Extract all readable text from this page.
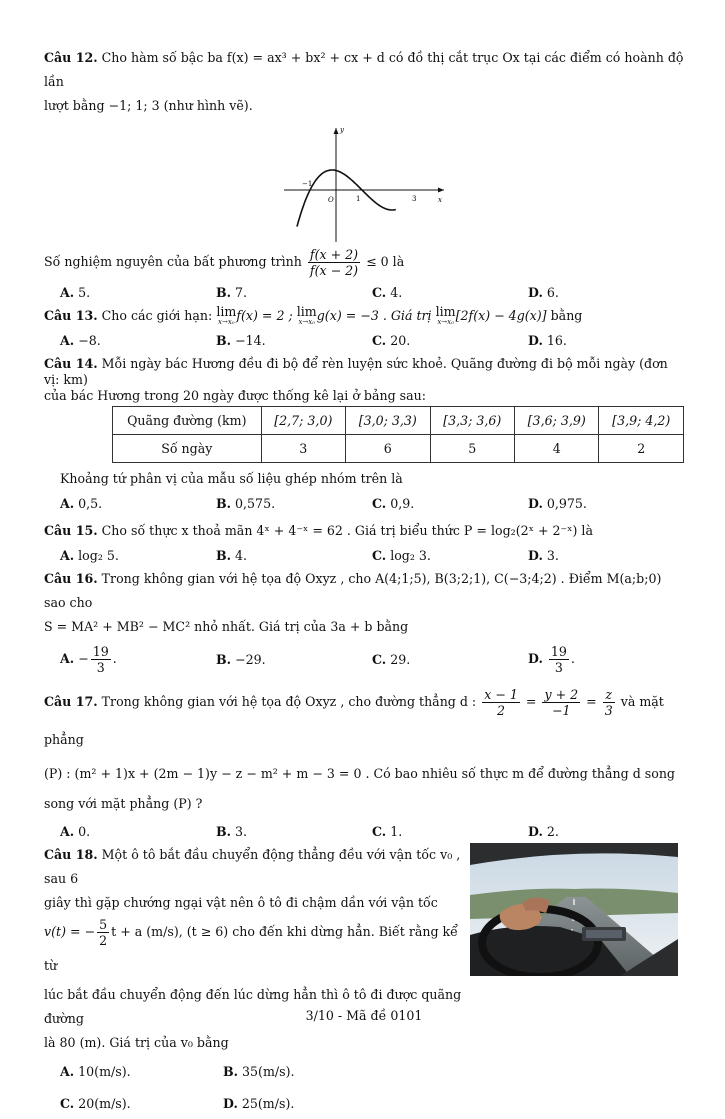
Câu 12. Cho hàm số bậc ba f(x) = ax³ + bx² + cx + d có đồ thị cắt trục Ox tại các điểm có hoành độ lần

lượt bằng −1; 1; 3 (như hình vẽ).

y
x
O
−1
1	3

Số nghiệm nguyên của bất phương trình $\frac{f(x + 2)}{f(x - 2)} \le 0$ là

A. 5.	B. 7.	C. 4.	D. 6.

Câu 13. Cho các giới hạn: lim
x→x₀ f(x) = 2 ; lim
x→x₀ g(x) = −3 . Giá trị lim
x→x₀ [2f(x) − 4g(x)] bằng

A. −8.	B. −14.	C. 20.	D. 16.

Câu 14. Mỗi ngày bác Hương đều đi bộ để rèn luyện sức khoẻ. Quãng đường đi bộ mỗi ngày (đơn vị: km)

của bác Hương trong 20 ngày được thống kê lại ở bảng sau:

Quãng đường (km)	[2,7; 3,0)	[3,0; 3,3)	[3,3; 3,6)	[3,6; 3,9)	[3,9; 4,2)
Số ngày	3	6	5	4	2

Khoảng tứ phân vị của mẫu số liệu ghép nhóm trên là

A. 0,5.	B. 0,575.	C. 0,9.	D. 0,975.

Câu 15. Cho số thực x thoả mãn 4ˣ + 4⁻ˣ = 62 . Giá trị biểu thức P = log₂(2ˣ + 2⁻ˣ) là

A. log₂ 5.	B. 4.	C. log₂ 3.	D. 3.

Câu 16. Trong không gian với hệ tọa độ Oxyz , cho A(4;1;5), B(3;2;1), C(−3;4;2) . Điểm M(a;b;0) sao cho

S = MA² + MB² − MC² nhỏ nhất. Giá trị của 3a + b bằng

A. − $\frac{19}{3}$ .	B. −29.	C. 29.	D. $\frac{19}{3}$ .

Câu 17. Trong không gian với hệ tọa độ Oxyz , cho đường thẳng d : $\frac{x - 1}{2} = \frac{y + 2}{-1} = \frac{z}{3}$ và mặt phẳng

(P) : (m² + 1)x + (2m − 1)y − z − m² + m − 3 = 0 . Có bao nhiêu số thực m để đường thẳng d song

song với mặt phẳng (P) ?

A. 0.	B. 3.	C. 1.	D. 2.

Câu 18. Một ô tô bắt đầu chuyển động thẳng đều với vận tốc v₀ , sau 6

giây thì gặp chướng ngại vật nên ô tô đi chậm dần với vận tốc

v(t) = − $\frac{5}{2}$ t + a (m/s), (t ≥ 6) cho đến khi dừng hẳn. Biết rằng kể từ

lúc bắt đầu chuyển động đến lúc dừng hẳn thì ô tô đi được quãng đường

là 80 (m). Giá trị của v₀ bằng

A. 10(m/s).	B. 35(m/s).
C. 20(m/s).	D. 25(m/s).
3/10 - Mã đề 0101
